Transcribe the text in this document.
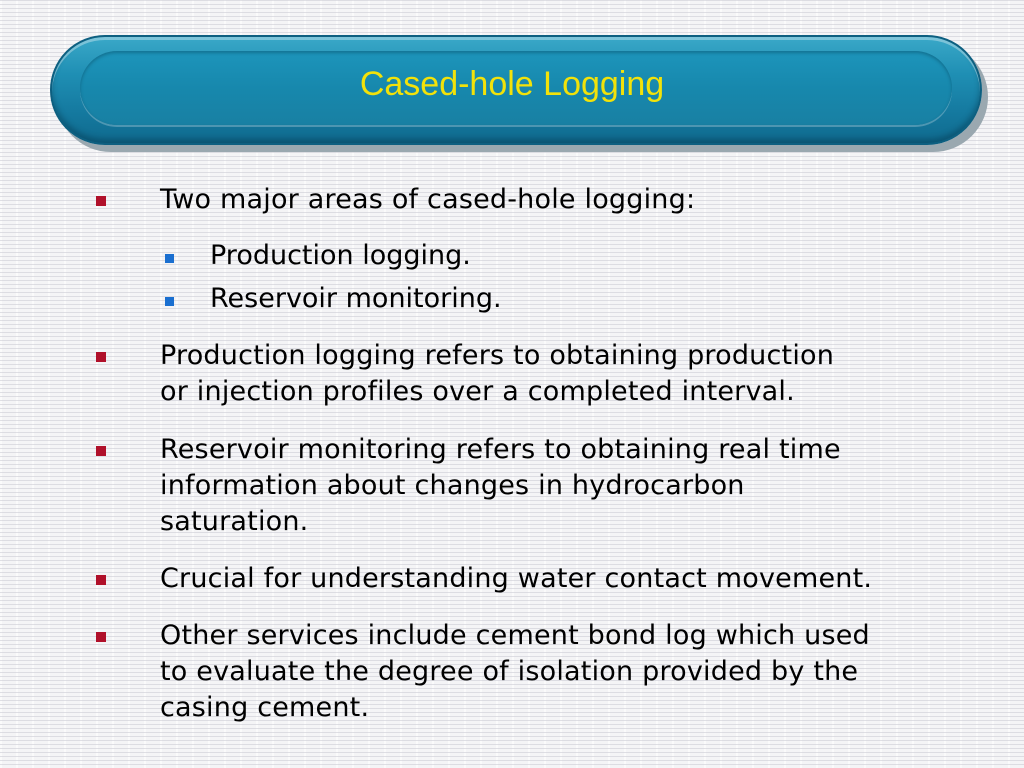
Cased-hole Logging
Two major areas of cased-hole logging:
Production logging.
Reservoir monitoring.
Production logging refers to obtaining production
or injection profiles over a completed interval.
Reservoir monitoring refers to obtaining real time
information about changes in hydrocarbon
saturation.
Crucial for understanding water contact movement.
Other services include cement bond log which used
to evaluate the degree of isolation provided by the
casing cement.
